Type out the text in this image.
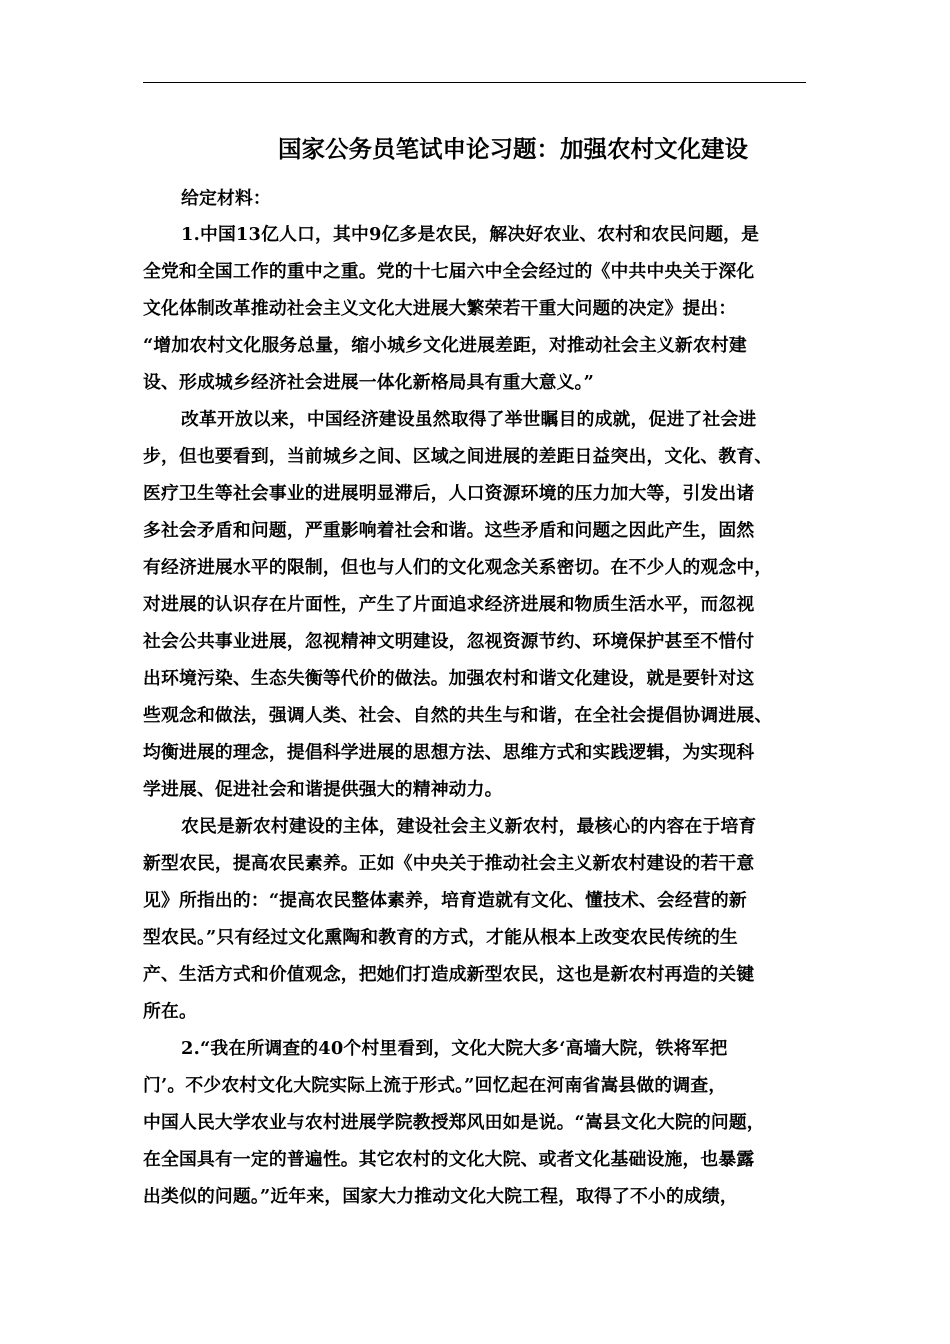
国家公务员笔试申论习题：加强农村文化建设
给定材料：
1.中国13亿人口，其中9亿多是农民，解决好农业、农村和农民问题，是
全党和全国工作的重中之重。党的十七届六中全会经过的《中共中央关于深化
文化体制改革推动社会主义文化大进展大繁荣若干重大问题的决定》提出：
“增加农村文化服务总量，缩小城乡文化进展差距，对推动社会主义新农村建
设、形成城乡经济社会进展一体化新格局具有重大意义。”
改革开放以来，中国经济建设虽然取得了举世瞩目的成就，促进了社会进
步，但也要看到，当前城乡之间、区域之间进展的差距日益突出，文化、教育、
医疗卫生等社会事业的进展明显滞后，人口资源环境的压力加大等，引发出诸
多社会矛盾和问题，严重影响着社会和谐。这些矛盾和问题之因此产生，固然
有经济进展水平的限制，但也与人们的文化观念关系密切。在不少人的观念中，
对进展的认识存在片面性，产生了片面追求经济进展和物质生活水平，而忽视
社会公共事业进展，忽视精神文明建设，忽视资源节约、环境保护甚至不惜付
出环境污染、生态失衡等代价的做法。加强农村和谐文化建设，就是要针对这
些观念和做法，强调人类、社会、自然的共生与和谐，在全社会提倡协调进展、
均衡进展的理念，提倡科学进展的思想方法、思维方式和实践逻辑，为实现科
学进展、促进社会和谐提供强大的精神动力。
农民是新农村建设的主体，建设社会主义新农村，最核心的内容在于培育
新型农民，提高农民素养。正如《中央关于推动社会主义新农村建设的若干意
见》所指出的：“提高农民整体素养，培育造就有文化、懂技术、会经营的新
型农民。”只有经过文化熏陶和教育的方式，才能从根本上改变农民传统的生
产、生活方式和价值观念，把她们打造成新型农民，这也是新农村再造的关键
所在。
2.“我在所调查的40个村里看到，文化大院大多‘高墙大院，铁将军把
门’。不少农村文化大院实际上流于形式。”回忆起在河南省嵩县做的调查，
中国人民大学农业与农村进展学院教授郑风田如是说。“嵩县文化大院的问题，
在全国具有一定的普遍性。其它农村的文化大院、或者文化基础设施，也暴露
出类似的问题。”近年来，国家大力推动文化大院工程，取得了不小的成绩，
